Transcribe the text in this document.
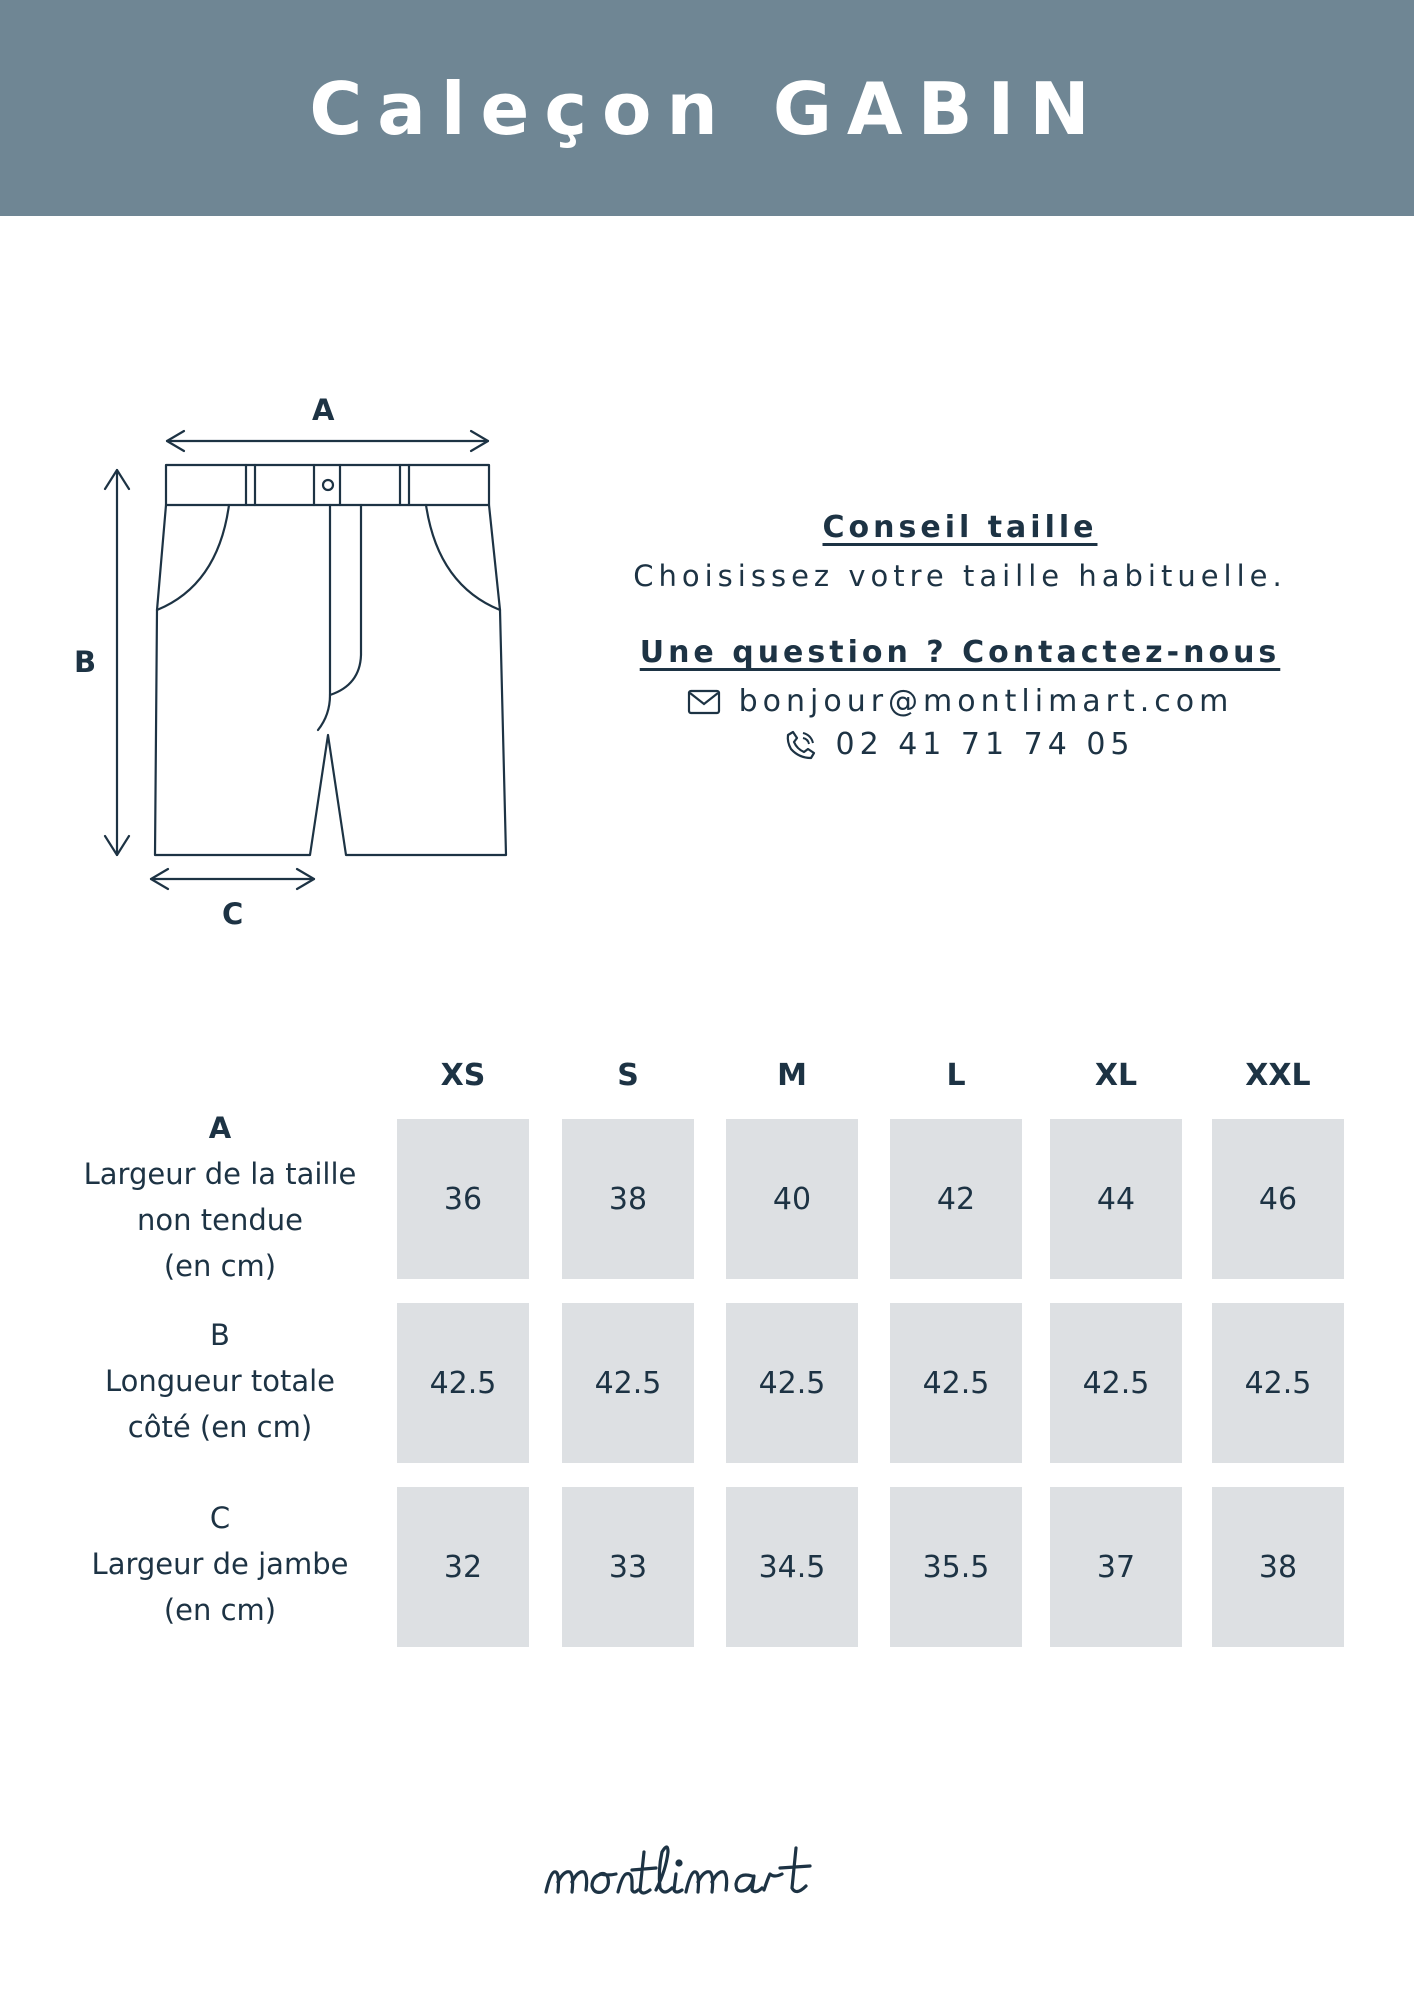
Caleçon GABIN
A
B
C
Conseil taille
Choisissez votre taille habituelle.
Une question ? Contactez-nous
bonjour@montlimart.com
02 41 71 74 05
XS	S	M	L	XL	XXL
A
Largeur de la taille
non tendue
(en cm)
36	38	40	42	44	46
B
Longueur totale
côté (en cm)
42.5	42.5	42.5	42.5	42.5	42.5
C
Largeur de jambe
(en cm)
32	33	34.5	35.5	37	38
